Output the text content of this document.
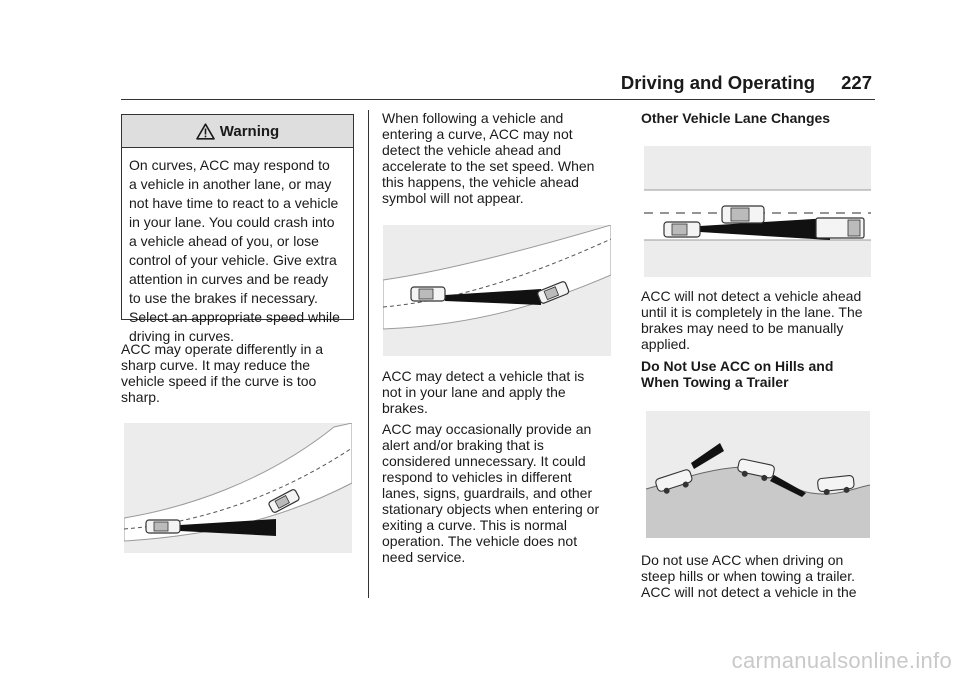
Driving and Operating 227
Warning
On curves, ACC may respond to
a vehicle in another lane, or may
not have time to react to a vehicle
in your lane. You could crash into
a vehicle ahead of you, or lose
control of your vehicle. Give extra
attention in curves and be ready
to use the brakes if necessary.
Select an appropriate speed while
driving in curves.
ACC may operate differently in a
sharp curve. It may reduce the
vehicle speed if the curve is too
sharp.
When following a vehicle and
entering a curve, ACC may not
detect the vehicle ahead and
accelerate to the set speed. When
this happens, the vehicle ahead
symbol will not appear.
ACC may detect a vehicle that is
not in your lane and apply the
brakes.
ACC may occasionally provide an
alert and/or braking that is
considered unnecessary. It could
respond to vehicles in different
lanes, signs, guardrails, and other
stationary objects when entering or
exiting a curve. This is normal
operation. The vehicle does not
need service.
Other Vehicle Lane Changes
ACC will not detect a vehicle ahead
until it is completely in the lane. The
brakes may need to be manually
applied.
Do Not Use ACC on Hills and
When Towing a Trailer
Do not use ACC when driving on
steep hills or when towing a trailer.
ACC will not detect a vehicle in the
carmanualsonline.info
